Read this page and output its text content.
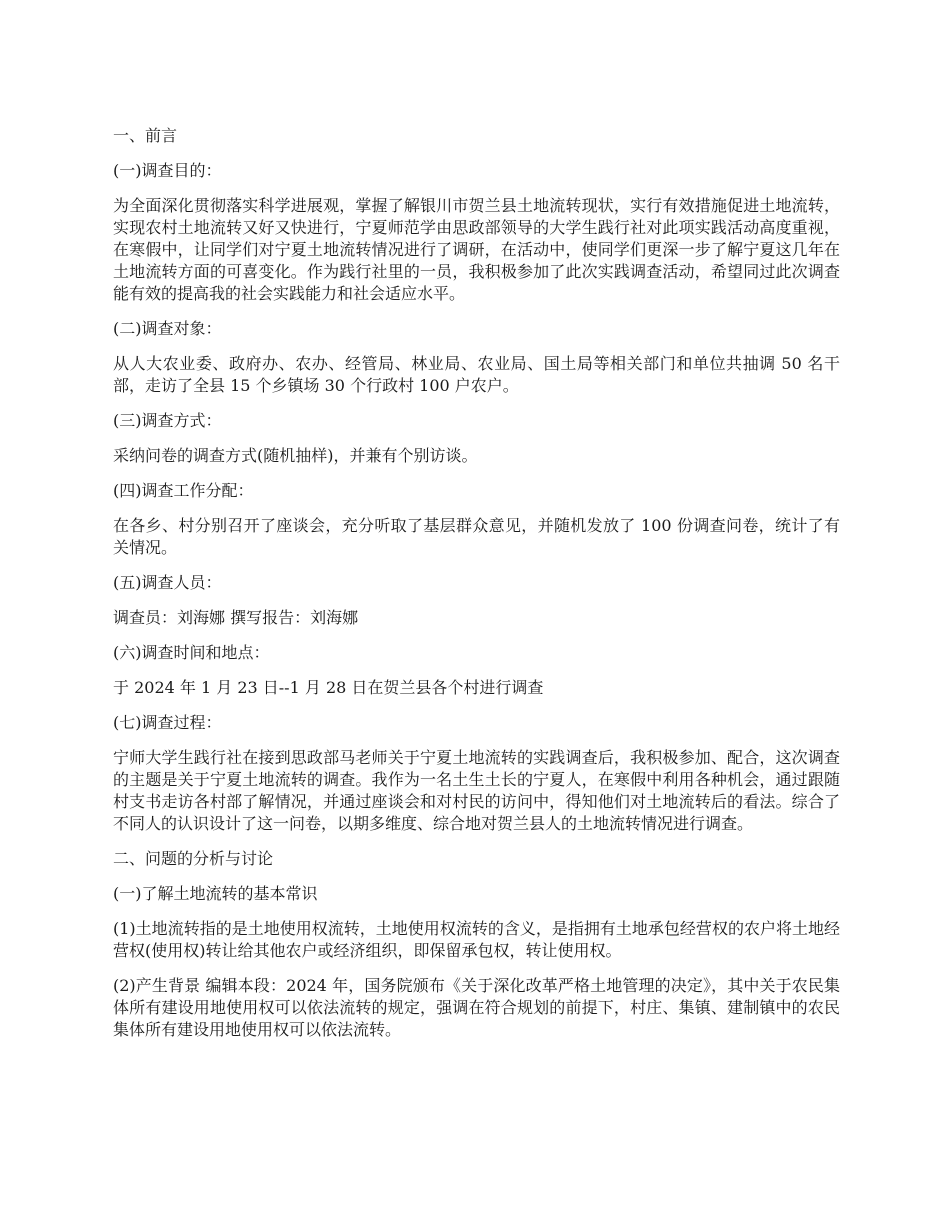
一、前言
(一)调查目的：
为全面深化贯彻落实科学进展观，掌握了解银川市贺兰县土地流转现状，实行有效措施促进土地流转，实现农村土地流转又好又快进行，宁夏师范学由思政部领导的大学生践行社对此项实践活动高度重视，在寒假中，让同学们对宁夏土地流转情况进行了调研，在活动中，使同学们更深一步了解宁夏这几年在土地流转方面的可喜变化。作为践行社里的一员，我积极参加了此次实践调查活动，希望同过此次调查能有效的提高我的社会实践能力和社会适应水平。
(二)调查对象：
从人大农业委、政府办、农办、经管局、林业局、农业局、国土局等相关部门和单位共抽调 50 名干部，走访了全县 15 个乡镇场 30 个行政村 100 户农户。
(三)调查方式：
采纳问卷的调查方式(随机抽样)，并兼有个别访谈。
(四)调查工作分配：
在各乡、村分别召开了座谈会，充分听取了基层群众意见，并随机发放了 100 份调查问卷，统计了有关情况。
(五)调查人员：
调查员：刘海娜 撰写报告：刘海娜
(六)调查时间和地点：
于 2024 年 1 月 23 日--1 月 28 日在贺兰县各个村进行调查
(七)调查过程：
宁师大学生践行社在接到思政部马老师关于宁夏土地流转的实践调查后，我积极参加、配合，这次调查的主题是关于宁夏土地流转的调查。我作为一名土生土长的宁夏人，在寒假中利用各种机会，通过跟随村支书走访各村部了解情况，并通过座谈会和对村民的访问中，得知他们对土地流转后的看法。综合了不同人的认识设计了这一问卷，以期多维度、综合地对贺兰县人的土地流转情况进行调查。
二、问题的分析与讨论
(一)了解土地流转的基本常识
(1)土地流转指的是土地使用权流转，土地使用权流转的含义，是指拥有土地承包经营权的农户将土地经营权(使用权)转让给其他农户或经济组织，即保留承包权，转让使用权。
(2)产生背景 编辑本段：2024 年，国务院颁布《关于深化改革严格土地管理的决定》，其中关于农民集体所有建设用地使用权可以依法流转的规定，强调在符合规划的前提下，村庄、集镇、建制镇中的农民集体所有建设用地使用权可以依法流转。
